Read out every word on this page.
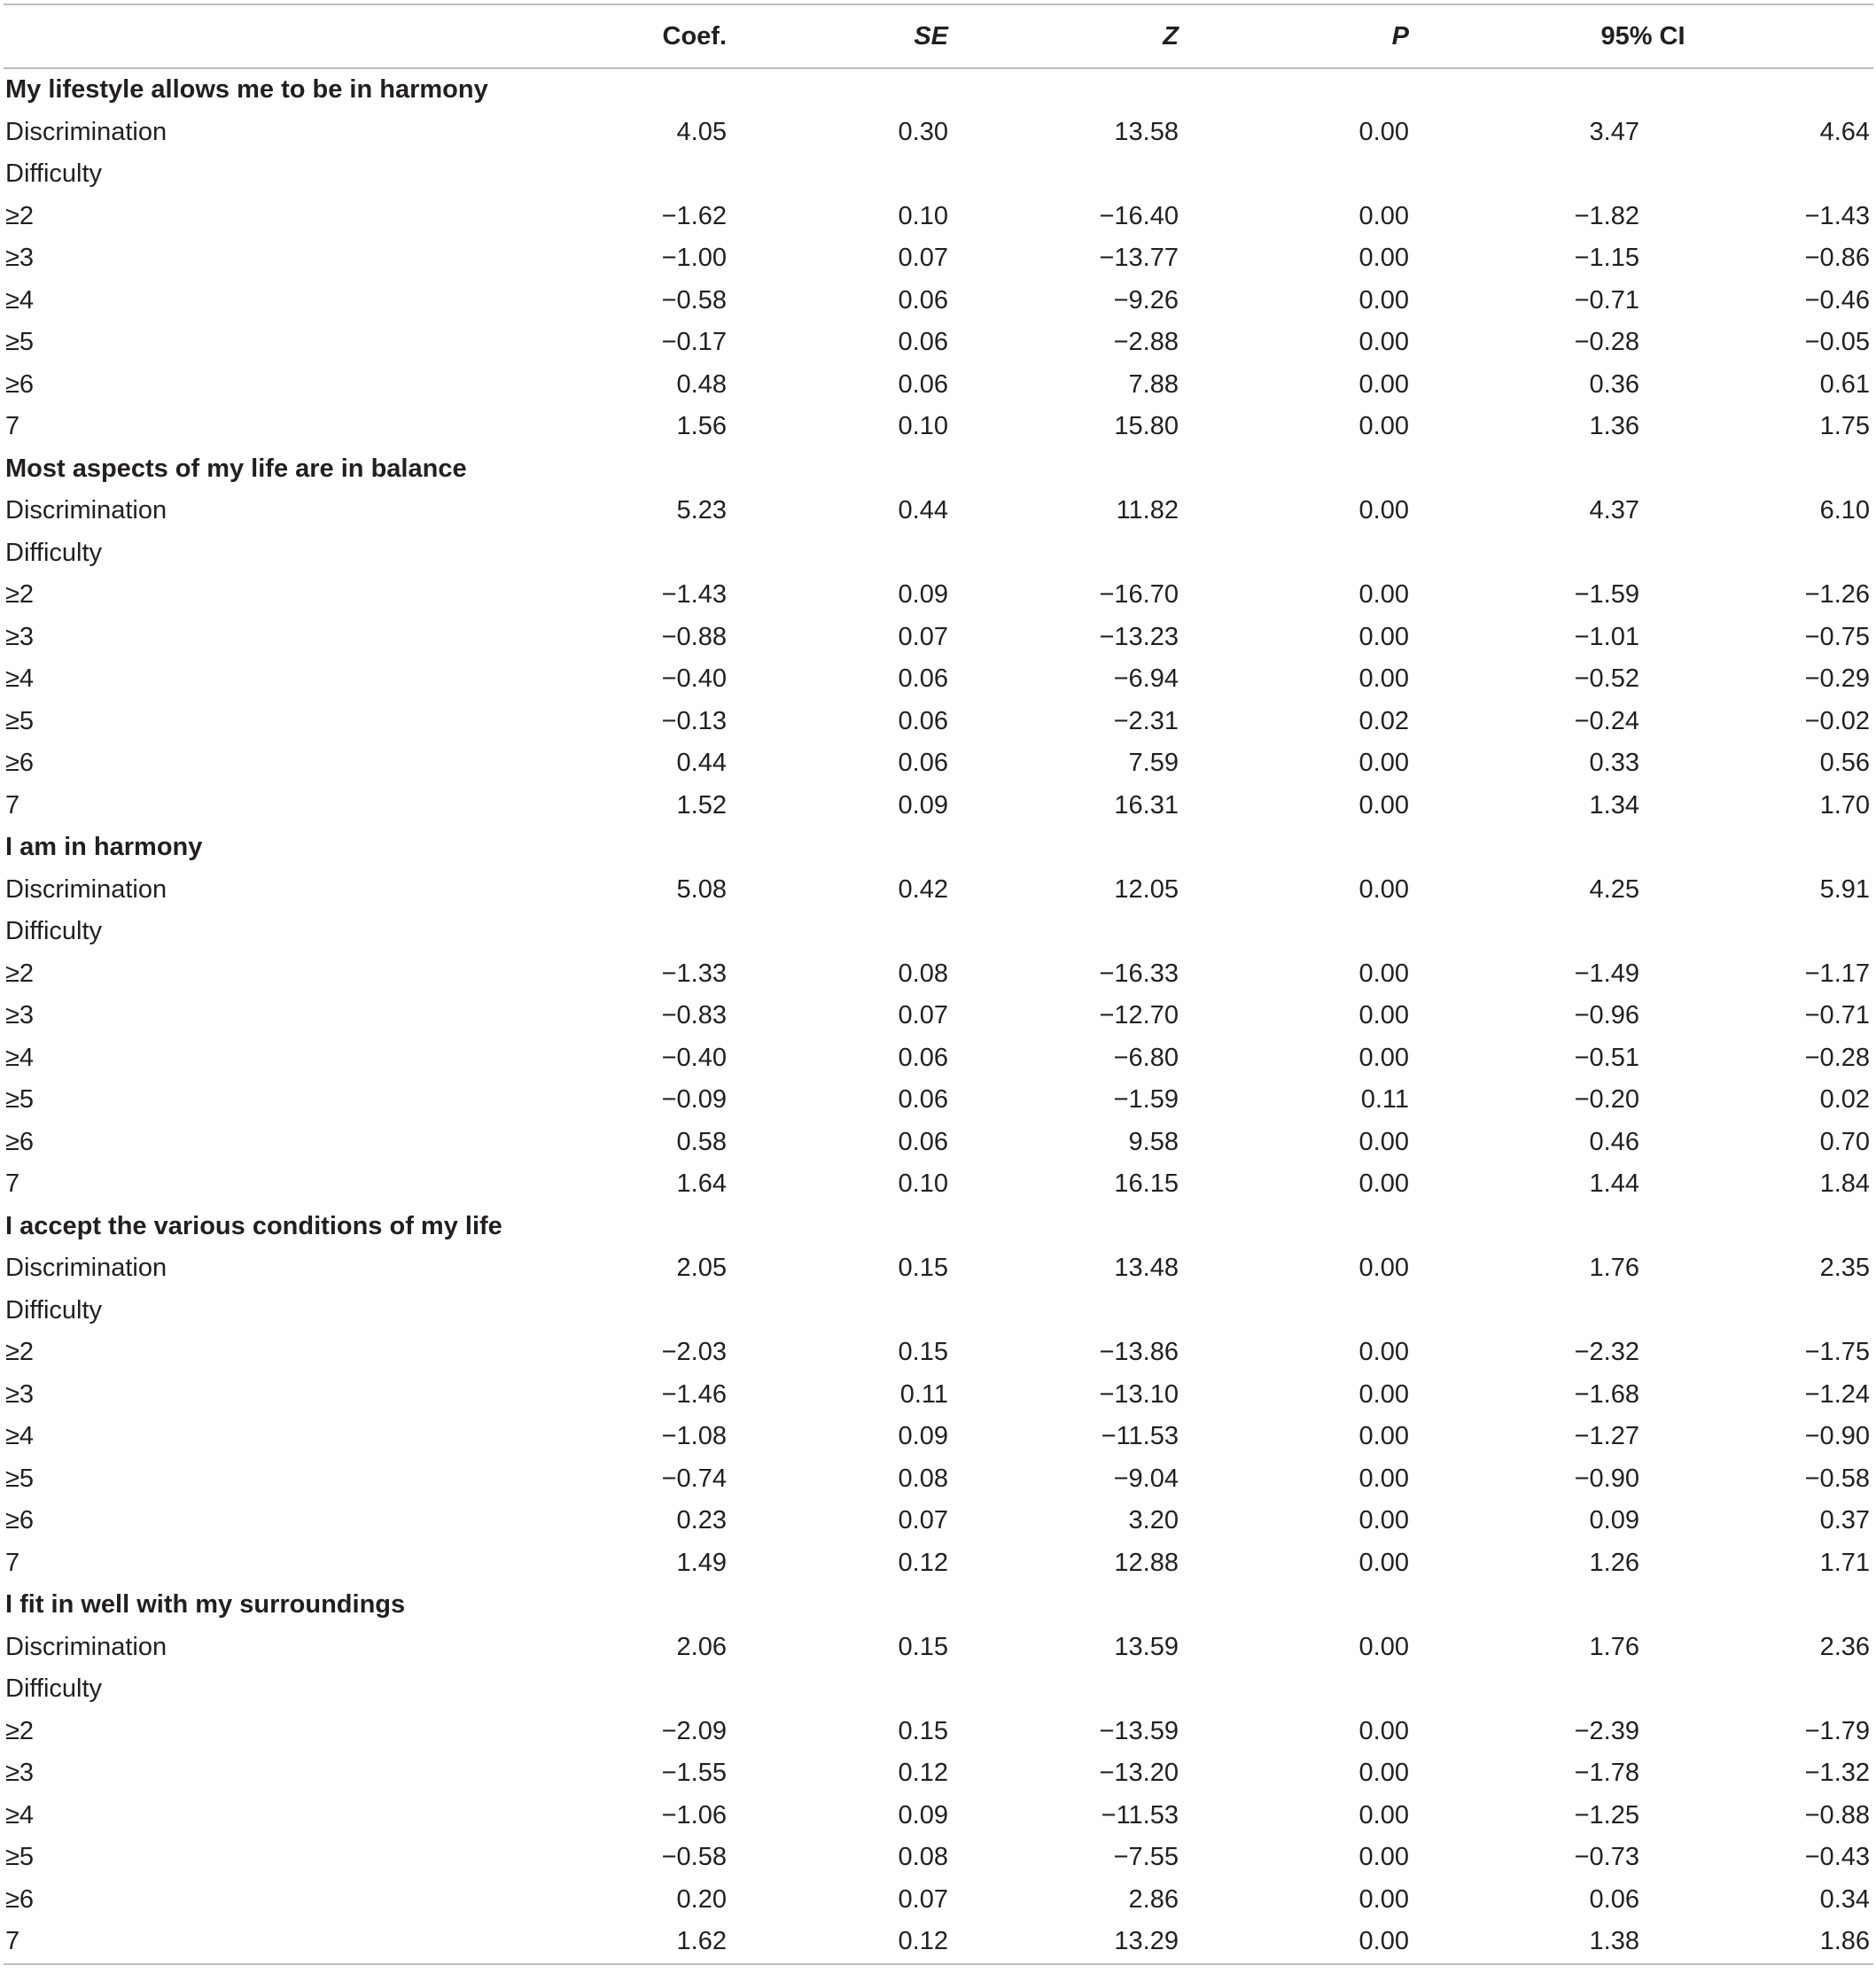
	Coef.	SE	Z	P	95% CI	
My lifestyle allows me to be in harmony						
Discrimination	4.05	0.30	13.58	0.00	3.47	4.64
Difficulty						
≥2	−1.62	0.10	−16.40	0.00	−1.82	−1.43
≥3	−1.00	0.07	−13.77	0.00	−1.15	−0.86
≥4	−0.58	0.06	−9.26	0.00	−0.71	−0.46
≥5	−0.17	0.06	−2.88	0.00	−0.28	−0.05
≥6	0.48	0.06	7.88	0.00	0.36	0.61
7	1.56	0.10	15.80	0.00	1.36	1.75
Most aspects of my life are in balance						
Discrimination	5.23	0.44	11.82	0.00	4.37	6.10
Difficulty						
≥2	−1.43	0.09	−16.70	0.00	−1.59	−1.26
≥3	−0.88	0.07	−13.23	0.00	−1.01	−0.75
≥4	−0.40	0.06	−6.94	0.00	−0.52	−0.29
≥5	−0.13	0.06	−2.31	0.02	−0.24	−0.02
≥6	0.44	0.06	7.59	0.00	0.33	0.56
7	1.52	0.09	16.31	0.00	1.34	1.70
I am in harmony						
Discrimination	5.08	0.42	12.05	0.00	4.25	5.91
Difficulty						
≥2	−1.33	0.08	−16.33	0.00	−1.49	−1.17
≥3	−0.83	0.07	−12.70	0.00	−0.96	−0.71
≥4	−0.40	0.06	−6.80	0.00	−0.51	−0.28
≥5	−0.09	0.06	−1.59	0.11	−0.20	0.02
≥6	0.58	0.06	9.58	0.00	0.46	0.70
7	1.64	0.10	16.15	0.00	1.44	1.84
I accept the various conditions of my life						
Discrimination	2.05	0.15	13.48	0.00	1.76	2.35
Difficulty						
≥2	−2.03	0.15	−13.86	0.00	−2.32	−1.75
≥3	−1.46	0.11	−13.10	0.00	−1.68	−1.24
≥4	−1.08	0.09	−11.53	0.00	−1.27	−0.90
≥5	−0.74	0.08	−9.04	0.00	−0.90	−0.58
≥6	0.23	0.07	3.20	0.00	0.09	0.37
7	1.49	0.12	12.88	0.00	1.26	1.71
I fit in well with my surroundings						
Discrimination	2.06	0.15	13.59	0.00	1.76	2.36
Difficulty						
≥2	−2.09	0.15	−13.59	0.00	−2.39	−1.79
≥3	−1.55	0.12	−13.20	0.00	−1.78	−1.32
≥4	−1.06	0.09	−11.53	0.00	−1.25	−0.88
≥5	−0.58	0.08	−7.55	0.00	−0.73	−0.43
≥6	0.20	0.07	2.86	0.00	0.06	0.34
7	1.62	0.12	13.29	0.00	1.38	1.86
